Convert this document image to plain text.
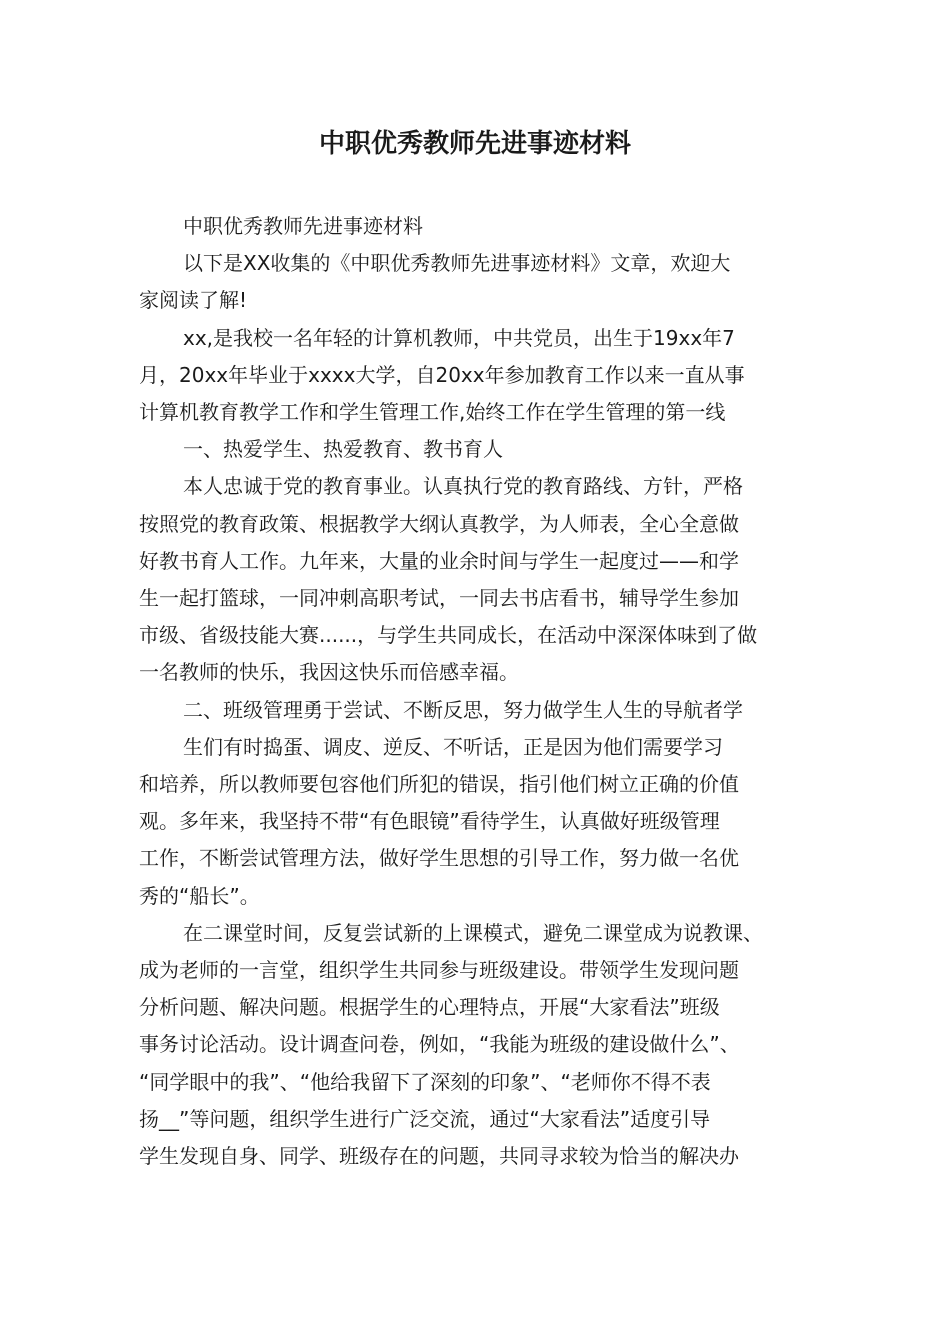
中职优秀教师先进事迹材料

中职优秀教师先进事迹材料

以下是XX收集的《中职优秀教师先进事迹材料》文章，欢迎大

家阅读了解!

xx,是我校一名年轻的计算机教师，中共党员，出生于19xx年7

月，20xx年毕业于xxxx大学，自20xx年参加教育工作以来一直从事

计算机教育教学工作和学生管理工作,始终工作在学生管理的第一线

一、热爱学生、热爱教育、教书育人

本人忠诚于党的教育事业。认真执行党的教育路线、方针，严格

按照党的教育政策、根据教学大纲认真教学，为人师表，全心全意做

好教书育人工作。九年来，大量的业余时间与学生一起度过——和学

生一起打篮球，一同冲刺高职考试，一同去书店看书，辅导学生参加

市级、省级技能大赛......，与学生共同成长，在活动中深深体味到了做

一名教师的快乐，我因这快乐而倍感幸福。

二、班级管理勇于尝试、不断反思，努力做学生人生的导航者学

生们有时捣蛋、调皮、逆反、不听话，正是因为他们需要学习

和培养，所以教师要包容他们所犯的错误，指引他们树立正确的价值

观。多年来，我坚持不带“有色眼镜”看待学生，认真做好班级管理

工作，不断尝试管理方法，做好学生思想的引导工作，努力做一名优

秀的“船长”。

在二课堂时间，反复尝试新的上课模式，避免二课堂成为说教课、

成为老师的一言堂，组织学生共同参与班级建设。带领学生发现问题

分析问题、解决问题。根据学生的心理特点，开展“大家看法”班级

事务讨论活动。设计调查问卷，例如，“我能为班级的建设做什么”、

“同学眼中的我”、“他给我留下了深刻的印象”、“老师你不得不表

扬__”等问题，组织学生进行广泛交流，通过“大家看法”适度引导

学生发现自身、同学、班级存在的问题，共同寻求较为恰当的解决办
